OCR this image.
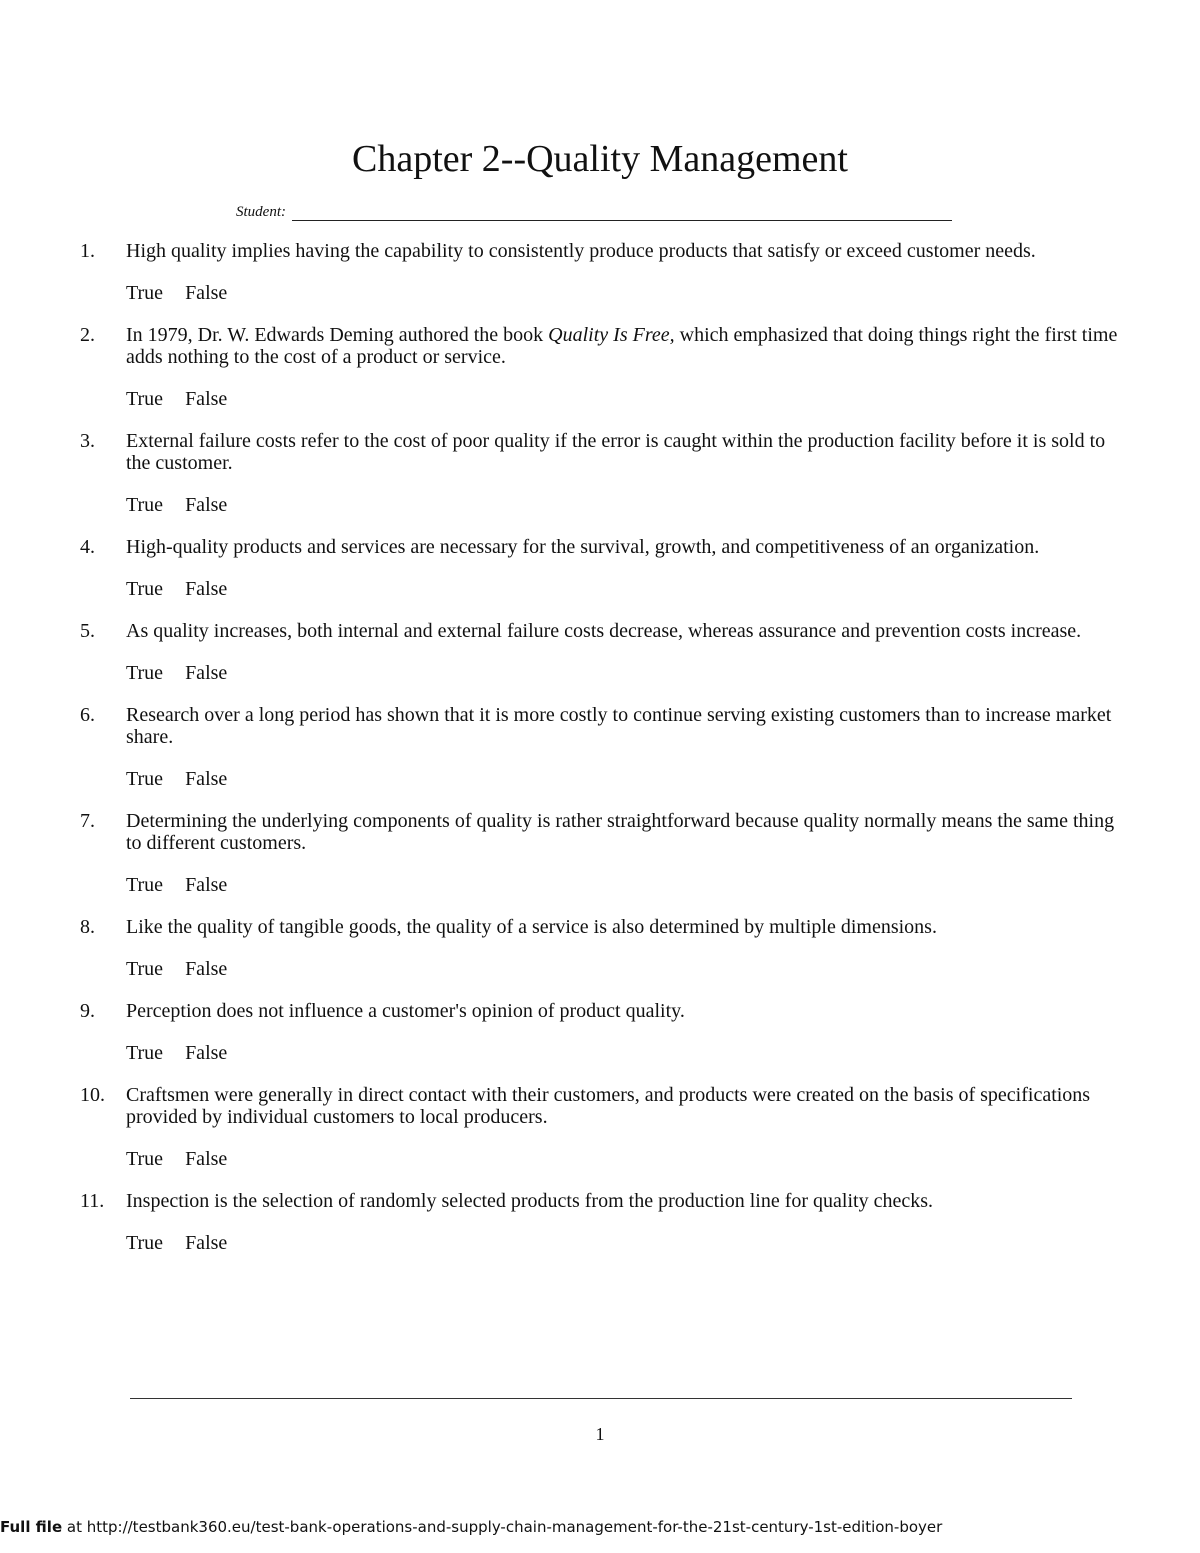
Chapter 2--Quality Management
Student:
1.	High quality implies having the capability to consistently produce products that satisfy or exceed customer needs.
True False
2.	In 1979, Dr. W. Edwards Deming authored the book Quality Is Free, which emphasized that doing things right the first time adds nothing to the cost of a product or service.
True False
3.	External failure costs refer to the cost of poor quality if the error is caught within the production facility before it is sold to the customer.
True False
4.	High-quality products and services are necessary for the survival, growth, and competitiveness of an organization.
True False
5.	As quality increases, both internal and external failure costs decrease, whereas assurance and prevention costs increase.
True False
6.	Research over a long period has shown that it is more costly to continue serving existing customers than to increase market share.
True False
7.	Determining the underlying components of quality is rather straightforward because quality normally means the same thing to different customers.
True False
8.	Like the quality of tangible goods, the quality of a service is also determined by multiple dimensions.
True False
9.	Perception does not influence a customer's opinion of product quality.
True False
10.	Craftsmen were generally in direct contact with their customers, and products were created on the basis of specifications provided by individual customers to local producers.
True False
11.	Inspection is the selection of randomly selected products from the production line for quality checks.
True False
1
Full file at http://testbank360.eu/test-bank-operations-and-supply-chain-management-for-the-21st-century-1st-edition-boyer
